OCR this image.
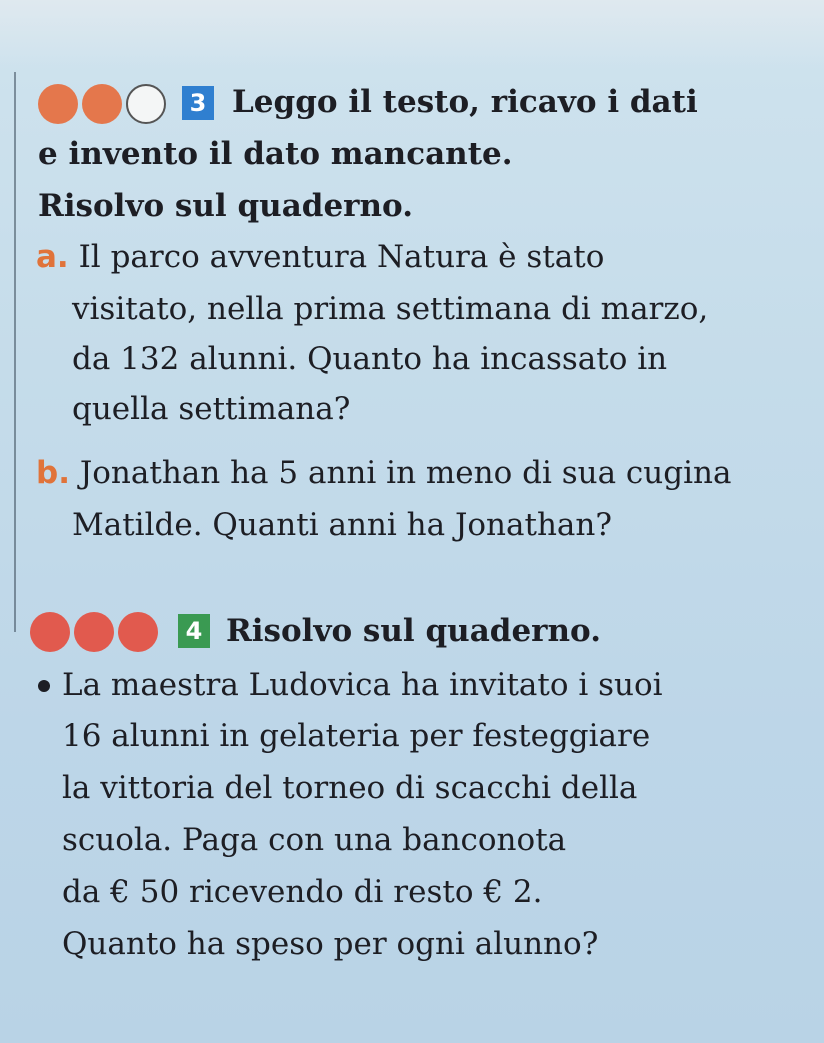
3 Leggo il testo, ricavo i dati
e invento il dato mancante.
Risolvo sul quaderno.
a. Il parco avventura Natura è stato
visitato, nella prima settimana di marzo,
da 132 alunni. Quanto ha incassato in
quella settimana?
b. Jonathan ha 5 anni in meno di sua cugina
Matilde. Quanti anni ha Jonathan?
4 Risolvo sul quaderno.
La maestra Ludovica ha invitato i suoi
16 alunni in gelateria per festeggiare
la vittoria del torneo di scacchi della
scuola. Paga con una banconota
da € 50 ricevendo di resto € 2.
Quanto ha speso per ogni alunno?
